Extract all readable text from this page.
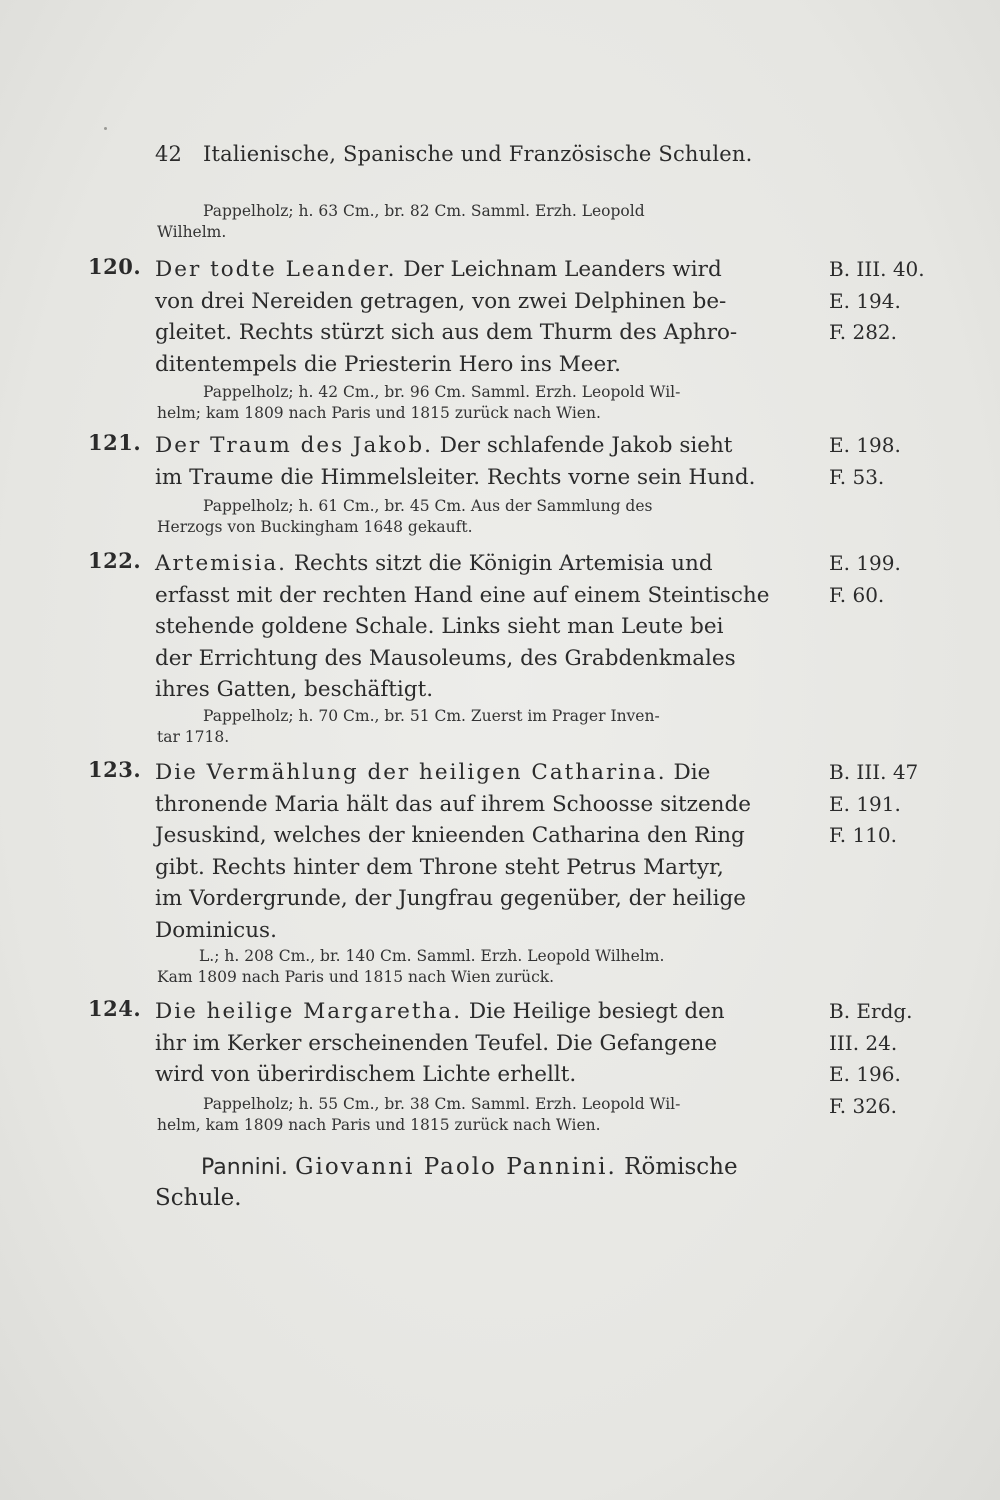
42 Italienische, Spanische und Französische Schulen.
Pappelholz; h. 63 Cm., br. 82 Cm. Samml. Erzh. Leopold
Wilhelm.
120. Der todte Leander. Der Leichnam Leanders wird
von drei Nereiden getragen, von zwei Delphinen be-
gleitet. Rechts stürzt sich aus dem Thurm des Aphro-
ditentempels die Priesterin Hero ins Meer.
B. III. 40.
E. 194.
F. 282.
Pappelholz; h. 42 Cm., br. 96 Cm. Samml. Erzh. Leopold Wil-
helm; kam 1809 nach Paris und 1815 zurück nach Wien.
121. Der Traum des Jakob. Der schlafende Jakob sieht
im Traume die Himmelsleiter. Rechts vorne sein Hund.
E. 198.
F. 53.
Pappelholz; h. 61 Cm., br. 45 Cm. Aus der Sammlung des
Herzogs von Buckingham 1648 gekauft.
122. Artemisia. Rechts sitzt die Königin Artemisia und
erfasst mit der rechten Hand eine auf einem Steintische
stehende goldene Schale. Links sieht man Leute bei
der Errichtung des Mausoleums, des Grabdenkmales
ihres Gatten, beschäftigt.
E. 199.
F. 60.
Pappelholz; h. 70 Cm., br. 51 Cm. Zuerst im Prager Inven-
tar 1718.
123. Die Vermählung der heiligen Catharina. Die
thronende Maria hält das auf ihrem Schoosse sitzende
Jesuskind, welches der knieenden Catharina den Ring
gibt. Rechts hinter dem Throne steht Petrus Martyr,
im Vordergrunde, der Jungfrau gegenüber, der heilige
Dominicus.
B. III. 47
E. 191.
F. 110.
L.; h. 208 Cm., br. 140 Cm. Samml. Erzh. Leopold Wilhelm.
Kam 1809 nach Paris und 1815 nach Wien zurück.
124. Die heilige Margaretha. Die Heilige besiegt den
ihr im Kerker erscheinenden Teufel. Die Gefangene
wird von überirdischem Lichte erhellt.
B. Erdg.
III. 24.
E. 196.
F. 326.
Pappelholz; h. 55 Cm., br. 38 Cm. Samml. Erzh. Leopold Wil-
helm, kam 1809 nach Paris und 1815 zurück nach Wien.
Pannini. Giovanni Paolo Pannini. Römische
Schule.
